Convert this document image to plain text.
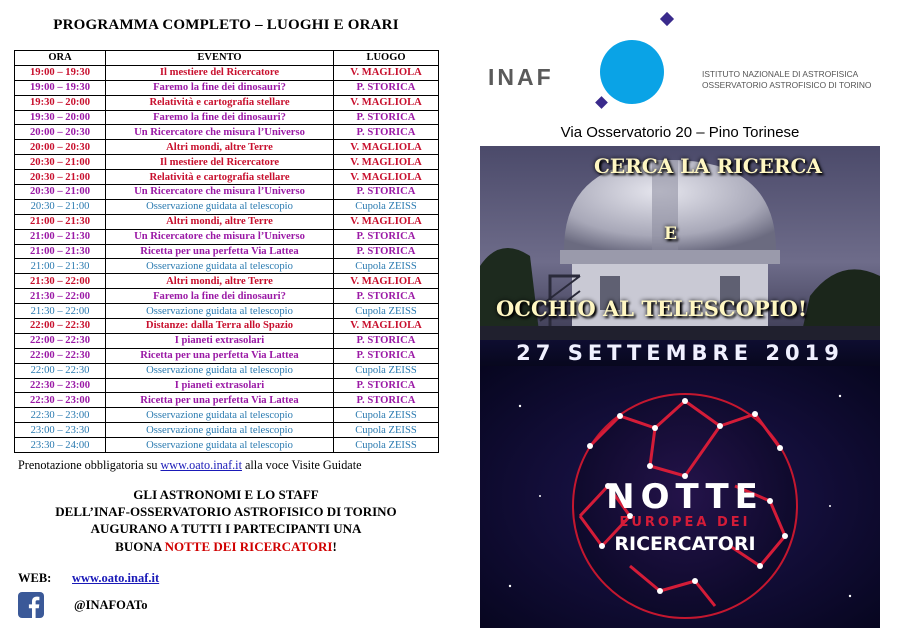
PROGRAMMA COMPLETO – LUOGHI E ORARI
ORA	EVENTO	LUOGO
19:00 – 19:30	Il mestiere del Ricercatore	V. MAGLIOLA
19:00 – 19:30	Faremo la fine dei dinosauri?	P. STORICA
19:30 – 20:00	Relatività e cartografia stellare	V. MAGLIOLA
19:30 – 20:00	Faremo la fine dei dinosauri?	P. STORICA
20:00 – 20:30	Un Ricercatore che misura l’Universo	P. STORICA
20:00 – 20:30	Altri mondi, altre Terre	V. MAGLIOLA
20:30 – 21:00	Il mestiere del Ricercatore	V. MAGLIOLA
20:30 – 21:00	Relatività e cartografia stellare	V. MAGLIOLA
20:30 – 21:00	Un Ricercatore che misura l’Universo	P. STORICA
20:30 – 21:00	Osservazione guidata al telescopio	Cupola ZEISS
21:00 – 21:30	Altri mondi, altre Terre	V. MAGLIOLA
21:00 – 21:30	Un Ricercatore che misura l’Universo	P. STORICA
21:00 – 21:30	Ricetta per una perfetta Via Lattea	P. STORICA
21:00 – 21:30	Osservazione guidata al telescopio	Cupola ZEISS
21:30 – 22:00	Altri mondi, altre Terre	V. MAGLIOLA
21:30 – 22:00	Faremo la fine dei dinosauri?	P. STORICA
21:30 – 22:00	Osservazione guidata al telescopio	Cupola ZEISS
22:00 – 22:30	Distanze: dalla Terra allo Spazio	V. MAGLIOLA
22:00 – 22:30	I pianeti extrasolari	P. STORICA
22:00 – 22:30	Ricetta per una perfetta Via Lattea	P. STORICA
22:00 – 22:30	Osservazione guidata al telescopio	Cupola ZEISS
22:30 – 23:00	I pianeti extrasolari	P. STORICA
22:30 – 23:00	Ricetta per una perfetta Via Lattea	P. STORICA
22:30 – 23:00	Osservazione guidata al telescopio	Cupola ZEISS
23:00 – 23:30	Osservazione guidata al telescopio	Cupola ZEISS
23:30 – 24:00	Osservazione guidata al telescopio	Cupola ZEISS
Prenotazione obbligatoria su www.oato.inaf.it alla voce Visite Guidate
GLI ASTRONOMI E LO STAFF
DELL’INAF-OSSERVATORIO ASTROFISICO DI TORINO
AUGURANO A TUTTI I PARTECIPANTI UNA
BUONA NOTTE DEI RICERCATORI!
WEB: www.oato.inaf.it
@INAFOATo
INAF	ISTITUTO NAZIONALE DI ASTROFISICA
OSSERVATORIO ASTROFISICO DI TORINO
Via Osservatorio 20 – Pino Torinese
CERCA LA RICERCA
E
OCCHIO AL TELESCOPIO!
27 SETTEMBRE 2019
NOTTE
EUROPEA DEI
RICERCATORI
